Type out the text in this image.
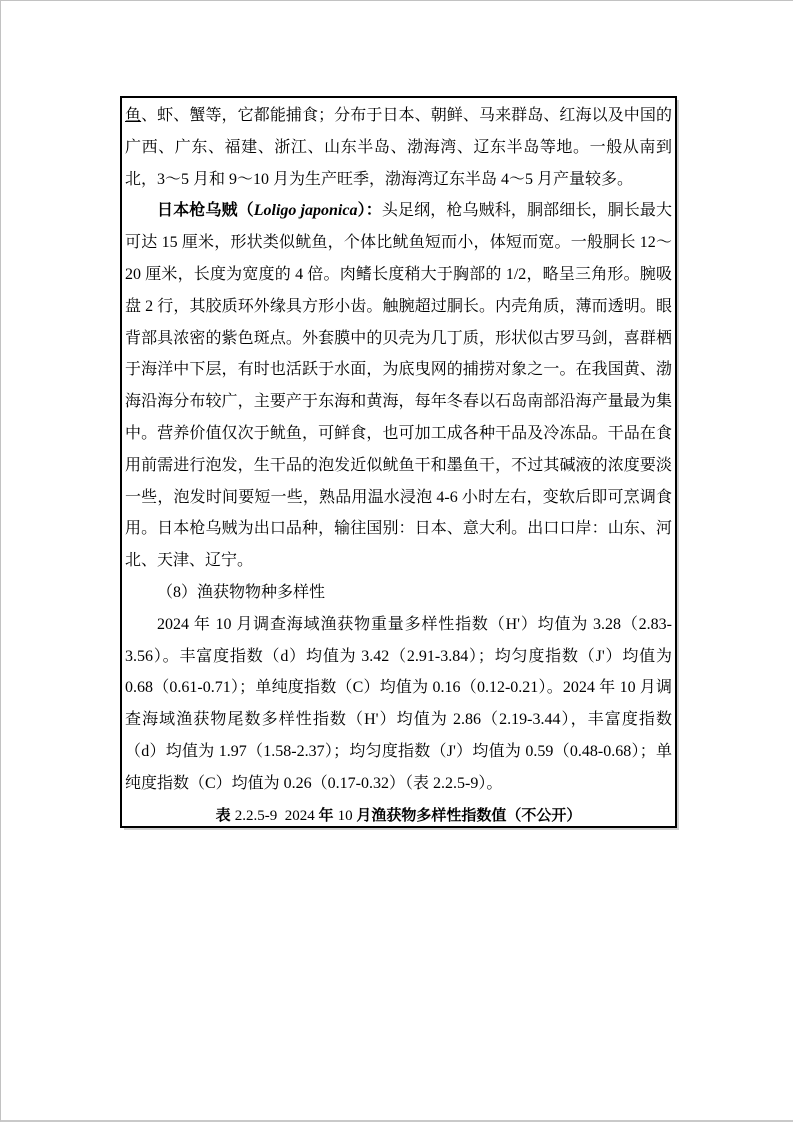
鱼、虾、蟹等，它都能捕食；分布于日本、朝鲜、马来群岛、红海以及中国的广西、广东、福建、浙江、山东半岛、渤海湾、辽东半岛等地。一般从南到北，3～5 月和 9～10 月为生产旺季，渤海湾辽东半岛 4～5 月产量较多。

日本枪乌贼（Loligo japonica）：头足纲，枪乌贼科，胴部细长，胴长最大可达 15 厘米，形状类似鱿鱼，个体比鱿鱼短而小，体短而宽。一般胴长 12～20 厘米，长度为宽度的 4 倍。肉鳍长度稍大于胸部的 1/2，略呈三角形。腕吸盘 2 行，其胶质环外缘具方形小齿。触腕超过胴长。内壳角质，薄而透明。眼背部具浓密的紫色斑点。外套膜中的贝壳为几丁质，形状似古罗马剑，喜群栖于海洋中下层，有时也活跃于水面，为底曳网的捕捞对象之一。在我国黄、渤海沿海分布较广，主要产于东海和黄海，每年冬春以石岛南部沿海产量最为集中。营养价值仅次于鱿鱼，可鲜食，也可加工成各种干品及冷冻品。干品在食用前需进行泡发，生干品的泡发近似鱿鱼干和墨鱼干，不过其碱液的浓度要淡一些，泡发时间要短一些，熟品用温水浸泡 4-6 小时左右，变软后即可烹调食用。日本枪乌贼为出口品种，输往国别：日本、意大利。出口口岸：山东、河北、天津、辽宁。

（8）渔获物物种多样性

2024 年 10 月调查海域渔获物重量多样性指数（H'）均值为 3.28（2.83-3.56）。丰富度指数（d）均值为 3.42（2.91-3.84）；均匀度指数（J'）均值为 0.68（0.61-0.71）；单纯度指数（C）均值为 0.16（0.12-0.21）。2024 年 10 月调查海域渔获物尾数多样性指数（H'）均值为 2.86（2.19-3.44），丰富度指数（d）均值为 1.97（1.58-2.37）；均匀度指数（J'）均值为 0.59（0.48-0.68）；单纯度指数（C）均值为 0.26（0.17-0.32）（表 2.2.5-9）。

表 2.2.5-9  2024 年 10 月渔获物多样性指数值（不公开）
